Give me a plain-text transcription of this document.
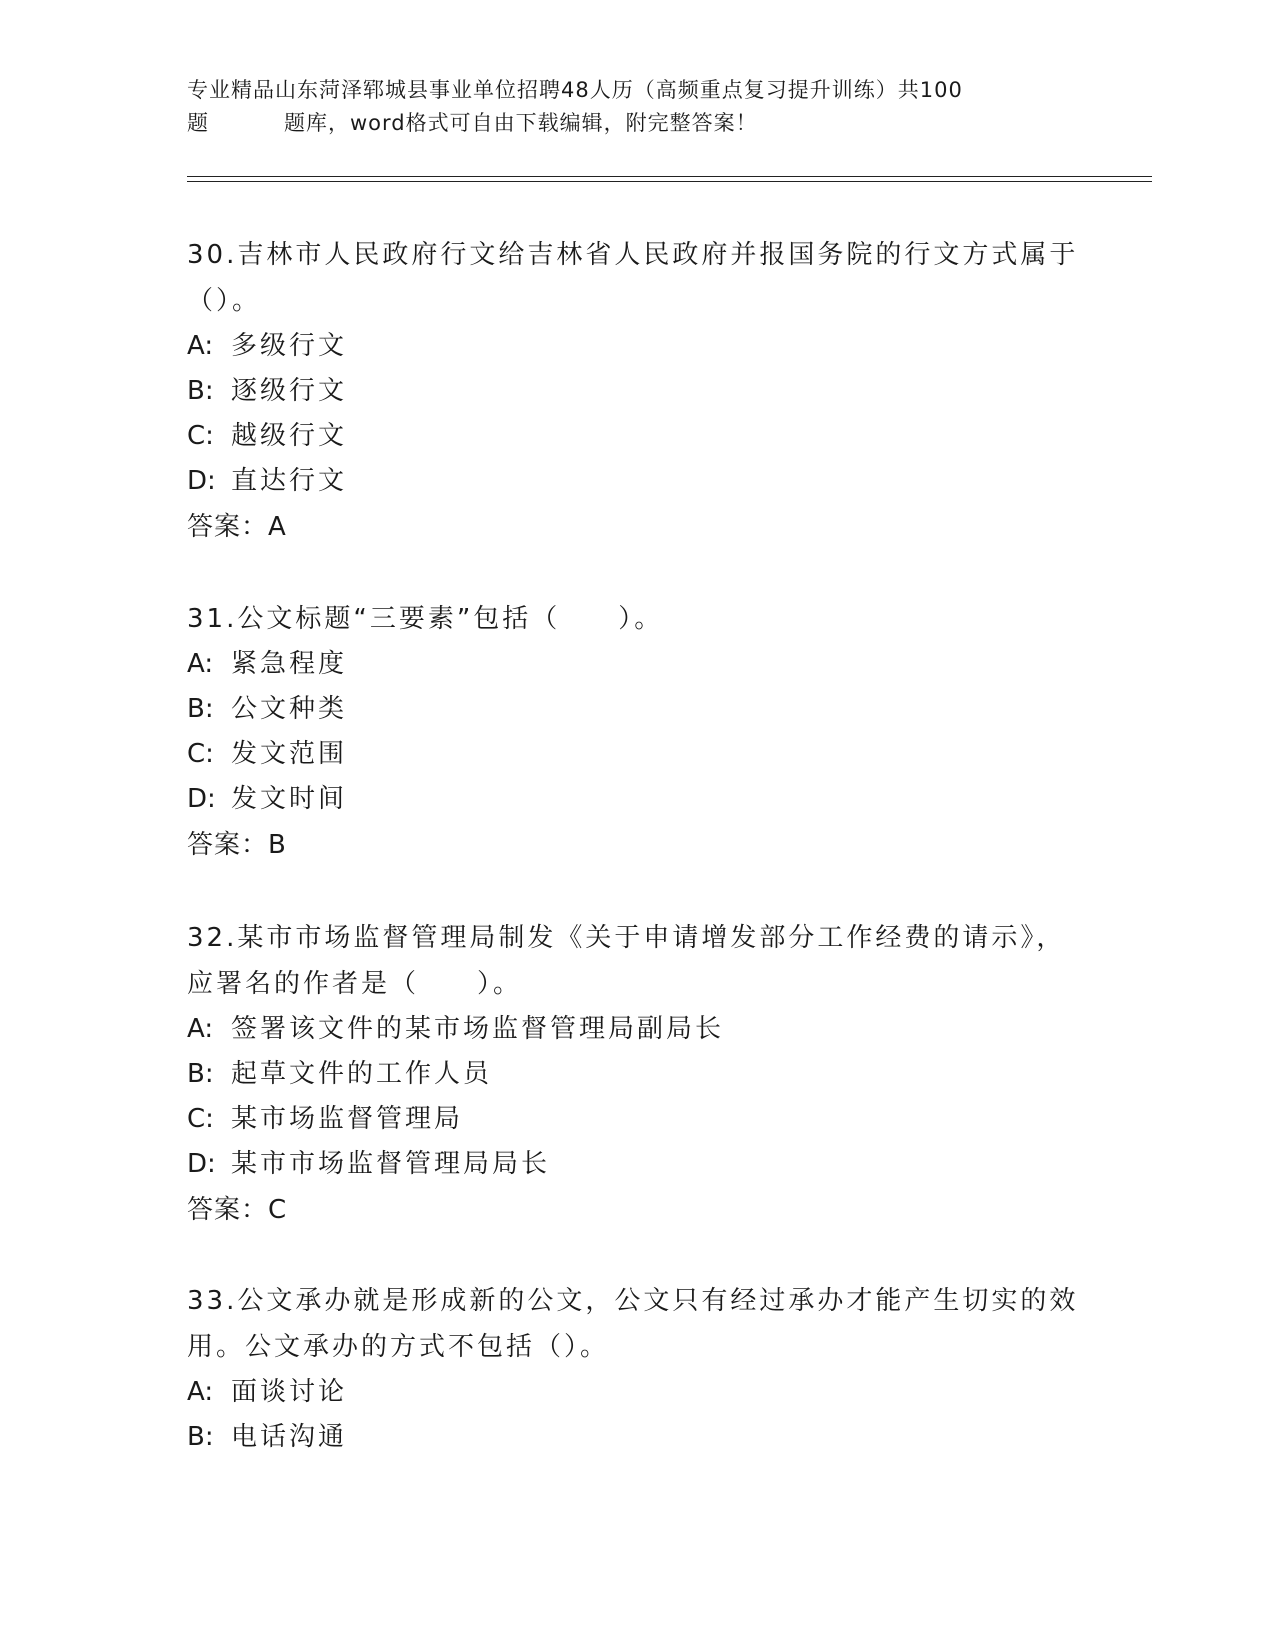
专业精品山东菏泽郓城县事业单位招聘48人历（高频重点复习提升训练）共100
题	题库，word格式可自由下载编辑，附完整答案！

30.吉林市人民政府行文给吉林省人民政府并报国务院的行文方式属于（）。

A: 多级行文
B: 逐级行文
C: 越级行文
D: 直达行文
答案：A

31.公文标题“三要素”包括（　　）。

A: 紧急程度
B: 公文种类
C: 发文范围
D: 发文时间
答案：B

32.某市市场监督管理局制发《关于申请增发部分工作经费的请示》，应署名的作者是（　　）。

A: 签署该文件的某市场监督管理局副局长
B: 起草文件的工作人员
C: 某市场监督管理局
D: 某市市场监督管理局局长
答案：C

33.公文承办就是形成新的公文，公文只有经过承办才能产生切实的效用。公文承办的方式不包括（）。

A: 面谈讨论
B: 电话沟通
